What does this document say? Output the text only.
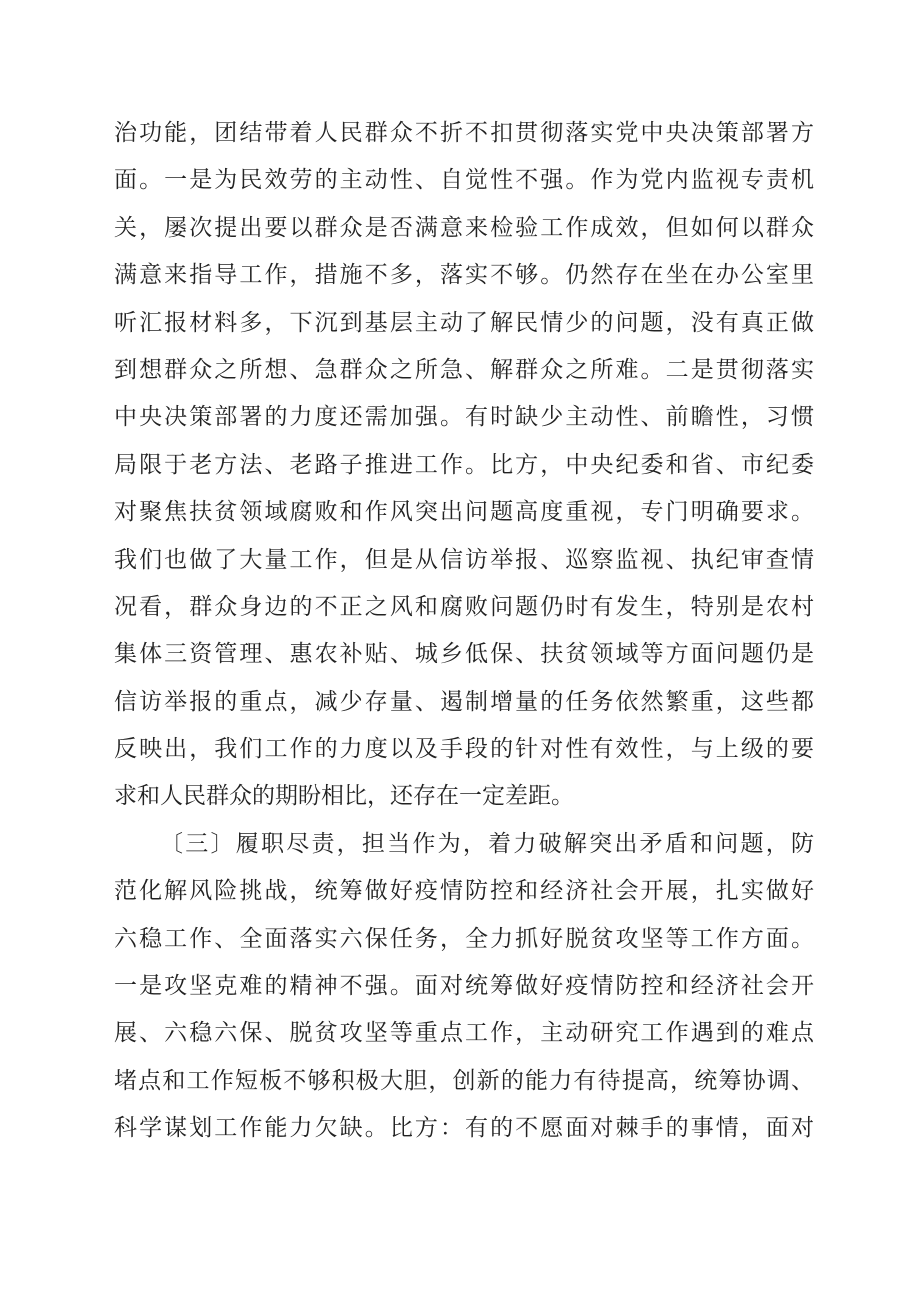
治功能，团结带着人民群众不折不扣贯彻落实党中央决策部署方
面。一是为民效劳的主动性、自觉性不强。作为党内监视专责机
关，屡次提出要以群众是否满意来检验工作成效，但如何以群众
满意来指导工作，措施不多，落实不够。仍然存在坐在办公室里
听汇报材料多，下沉到基层主动了解民情少的问题，没有真正做
到想群众之所想、急群众之所急、解群众之所难。二是贯彻落实
中央决策部署的力度还需加强。有时缺少主动性、前瞻性，习惯
局限于老方法、老路子推进工作。比方，中央纪委和省、市纪委
对聚焦扶贫领域腐败和作风突出问题高度重视，专门明确要求。
我们也做了大量工作，但是从信访举报、巡察监视、执纪审查情
况看，群众身边的不正之风和腐败问题仍时有发生，特别是农村
集体三资管理、惠农补贴、城乡低保、扶贫领域等方面问题仍是
信访举报的重点，减少存量、遏制增量的任务依然繁重，这些都
反映出，我们工作的力度以及手段的针对性有效性，与上级的要
求和人民群众的期盼相比，还存在一定差距。
〔三〕履职尽责，担当作为，着力破解突出矛盾和问题，防
范化解风险挑战，统筹做好疫情防控和经济社会开展，扎实做好
六稳工作、全面落实六保任务，全力抓好脱贫攻坚等工作方面。
一是攻坚克难的精神不强。面对统筹做好疫情防控和经济社会开
展、六稳六保、脱贫攻坚等重点工作，主动研究工作遇到的难点
堵点和工作短板不够积极大胆，创新的能力有待提高，统筹协调、
科学谋划工作能力欠缺。比方：有的不愿面对棘手的事情，面对
